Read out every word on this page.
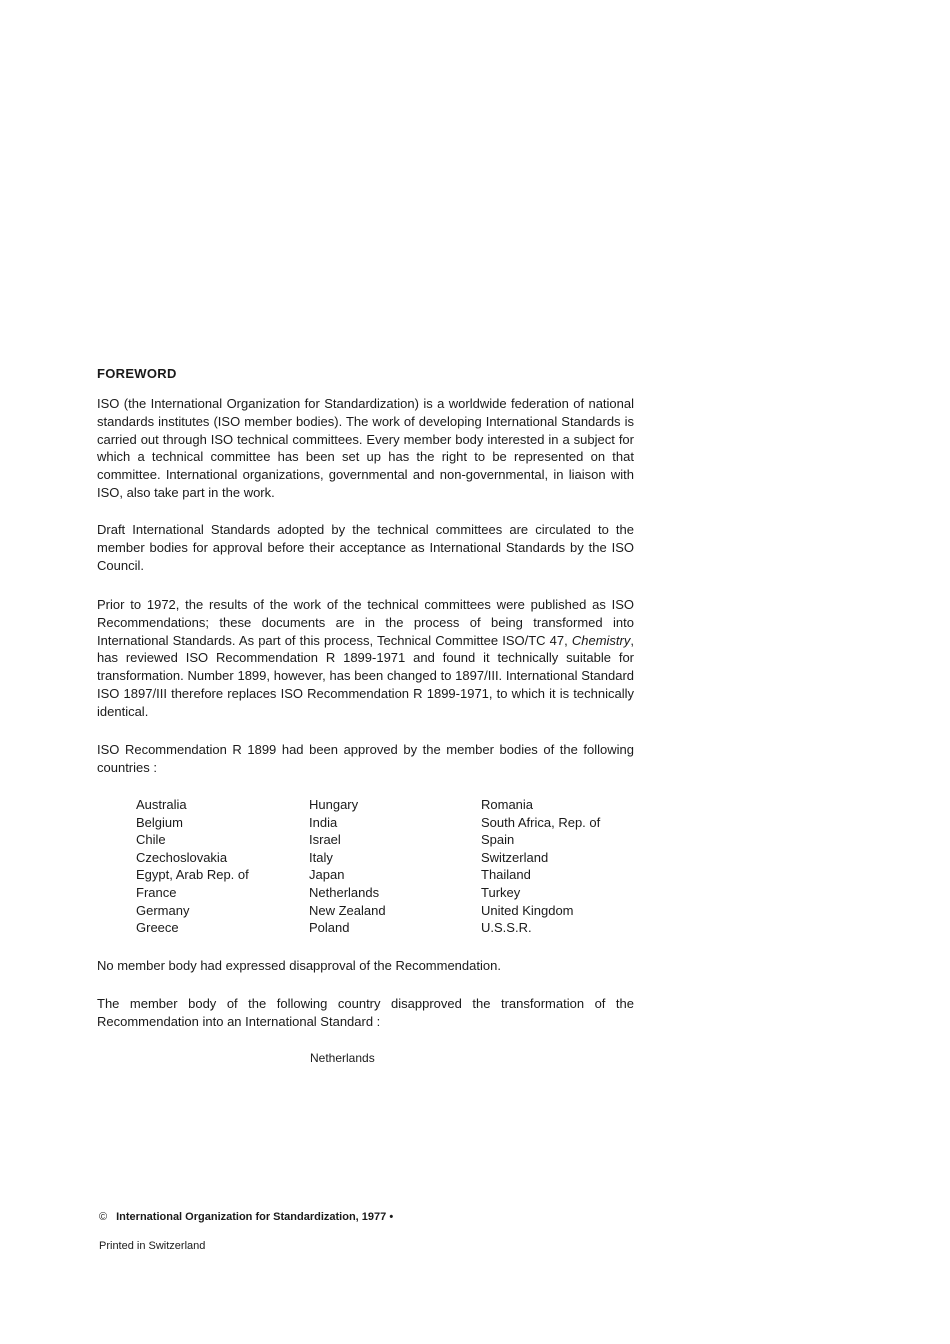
FOREWORD

ISO (the International Organization for Standardization) is a worldwide federation of national standards institutes (ISO member bodies). The work of developing International Standards is carried out through ISO technical committees. Every member body interested in a subject for which a technical committee has been set up has the right to be represented on that committee. International organizations, governmental and non-governmental, in liaison with ISO, also take part in the work.

Draft International Standards adopted by the technical committees are circulated to the member bodies for approval before their acceptance as International Standards by the ISO Council.

Prior to 1972, the results of the work of the technical committees were published as ISO Recommendations; these documents are in the process of being transformed into International Standards. As part of this process, Technical Committee ISO/TC 47, Chemistry, has reviewed ISO Recommendation R 1899-1971 and found it technically suitable for transformation. Number 1899, however, has been changed to 1897/III. International Standard ISO 1897/III therefore replaces ISO Recommendation R 1899-1971, to which it is technically identical.

ISO Recommendation R 1899 had been approved by the member bodies of the following countries :

Australia
Belgium
Chile
Czechoslovakia
Egypt, Arab Rep. of
France
Germany
Greece
Hungary
India
Israel
Italy
Japan
Netherlands
New Zealand
Poland
Romania
South Africa, Rep. of
Spain
Switzerland
Thailand
Turkey
United Kingdom
U.S.S.R.

No member body had expressed disapproval of the Recommendation.

The member body of the following country disapproved the transformation of the Recommendation into an International Standard :

Netherlands
© International Organization for Standardization, 1977 •
Printed in Switzerland
